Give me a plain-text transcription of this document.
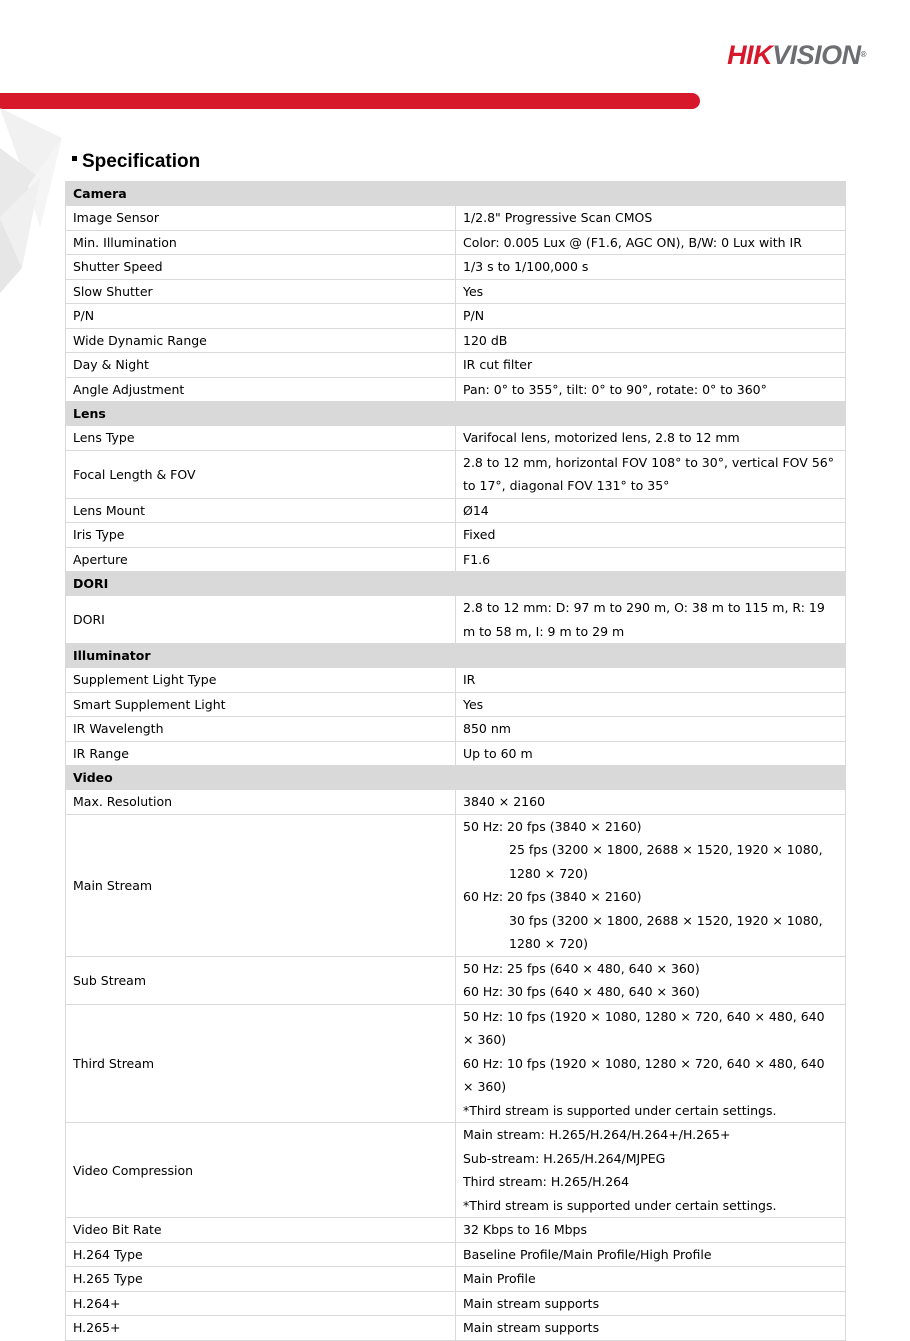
HIKVISION®
Specification
Camera	
Image Sensor	1/2.8" Progressive Scan CMOS

Min. Illumination	Color: 0.005 Lux @ (F1.6, AGC ON), B/W: 0 Lux with IR

Shutter Speed	1/3 s to 1/100,000 s

Slow Shutter	Yes

P/N	P/N

Wide Dynamic Range	120 dB

Day & Night	IR cut filter

Angle Adjustment	Pan: 0° to 355°, tilt: 0° to 90°, rotate: 0° to 360°

Lens	
Lens Type	Varifocal lens, motorized lens, 2.8 to 12 mm

Focal Length & FOV	2.8 to 12 mm, horizontal FOV 108° to 30°, vertical FOV 56° to 17°, diagonal FOV 131° to 35°

Lens Mount	Ø14

Iris Type	Fixed

Aperture	F1.6

DORI	
DORI	2.8 to 12 mm: D: 97 m to 290 m, O: 38 m to 115 m, R: 19 m to 58 m, I: 9 m to 29 m

Illuminator	
Supplement Light Type	IR

Smart Supplement Light	Yes

IR Wavelength	850 nm

IR Range	Up to 60 m

Video	
Max. Resolution	3840 × 2160

Main Stream	50 Hz: 20 fps (3840 × 2160)
25 fps (3200 × 1800, 2688 × 1520, 1920 × 1080, 1280 × 720)
60 Hz: 20 fps (3840 × 2160)
30 fps (3200 × 1800, 2688 × 1520, 1920 × 1080, 1280 × 720)

Sub Stream	50 Hz: 25 fps (640 × 480, 640 × 360)
60 Hz: 30 fps (640 × 480, 640 × 360)

Third Stream	50 Hz: 10 fps (1920 × 1080, 1280 × 720, 640 × 480, 640 × 360)
60 Hz: 10 fps (1920 × 1080, 1280 × 720, 640 × 480, 640 × 360)
*Third stream is supported under certain settings.

Video Compression	Main stream: H.265/H.264/H.264+/H.265+
Sub-stream: H.265/H.264/MJPEG
Third stream: H.265/H.264
*Third stream is supported under certain settings.

Video Bit Rate	32 Kbps to 16 Mbps

H.264 Type	Baseline Profile/Main Profile/High Profile

H.265 Type	Main Profile

H.264+	Main stream supports

H.265+	Main stream supports
